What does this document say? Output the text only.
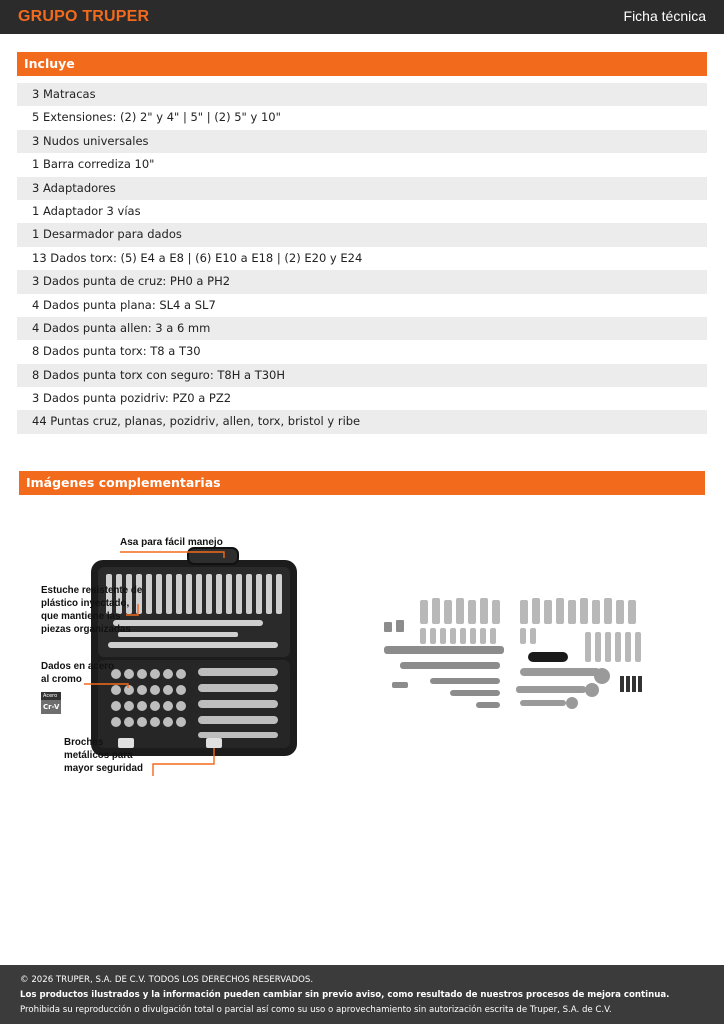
GRUPO TRUPER	Ficha técnica
Incluye
3 Matracas
5 Extensiones: (2) 2" y 4" | 5" | (2) 5" y 10"
3 Nudos universales
1 Barra corrediza 10"
3 Adaptadores
1 Adaptador 3 vías
1 Desarmador para dados
13 Dados torx: (5) E4 a E8 | (6) E10 a E18 | (2) E20 y E24
3 Dados punta de cruz: PH0 a PH2
4 Dados punta plana: SL4 a SL7
4 Dados punta allen: 3 a 6 mm
8 Dados punta torx: T8 a T30
8 Dados punta torx con seguro: T8H a T30H
3 Dados punta pozidriv: PZ0 a PZ2
44 Puntas cruz, planas, pozidriv, allen, torx, bristol y ribe
Imágenes complementarias
Asa para fácil manejo
Estuche resistente de
plástico inyectado,
que mantiene las
piezas organizadas
Dados en acero
al cromo
Acero
Cr-V
Broches
metálicos para
mayor seguridad
© 2026 TRUPER, S.A. DE C.V. TODOS LOS DERECHOS RESERVADOS.
Los productos ilustrados y la información pueden cambiar sin previo aviso, como resultado de nuestros procesos de mejora continua.
Prohibida su reproducción o divulgación total o parcial así como su uso o aprovechamiento sin autorización escrita de Truper, S.A. de C.V.
